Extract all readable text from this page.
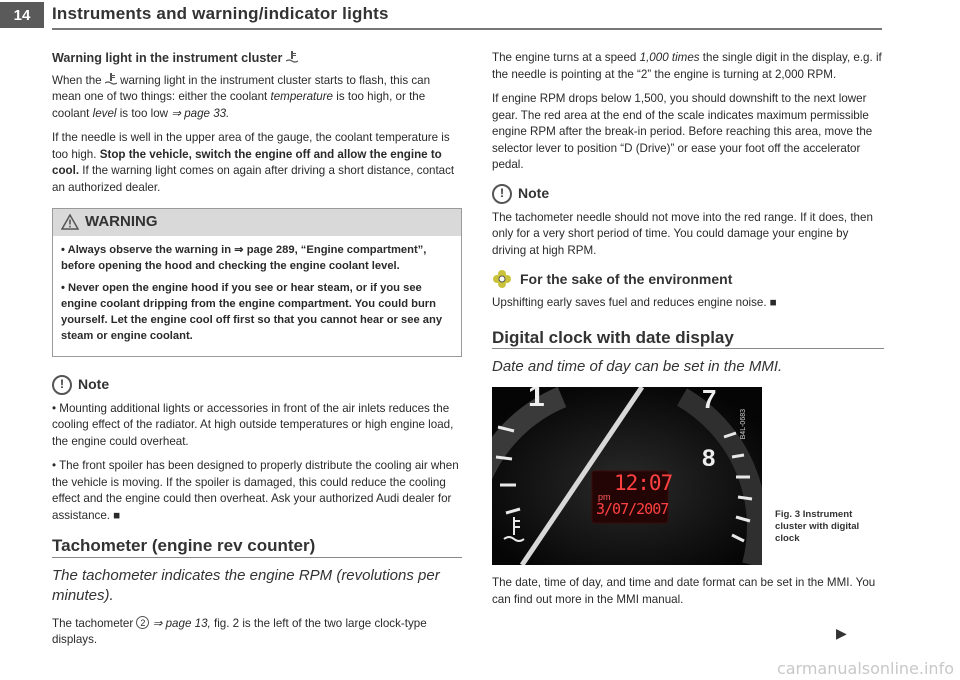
14	Instruments and warning/indicator lights
Warning light in the instrument cluster

When the warning light in the instrument cluster starts to flash, this can mean one of two things: either the coolant temperature is too high, or the coolant level is too low ⇒ page 33.

If the needle is well in the upper area of the gauge, the coolant temperature is too high. Stop the vehicle, switch the engine off and allow the engine to cool. If the warning light comes on again after driving a short distance, contact an authorized dealer.

WARNING

• Always observe the warning in ⇒ page 289, “Engine compartment”, before opening the hood and checking the engine coolant level.

• Never open the engine hood if you see or hear steam, or if you see engine coolant dripping from the engine compartment. You could burn yourself. Let the engine cool off first so that you cannot hear or see any steam or engine coolant.

!	Note

• Mounting additional lights or accessories in front of the air inlets reduces the cooling effect of the radiator. At high outside temperatures or high engine load, the engine could overheat.

• The front spoiler has been designed to properly distribute the cooling air when the vehicle is moving. If the spoiler is damaged, this could reduce the cooling effect and the engine could then overheat. Ask your authorized Audi dealer for assistance. ■

Tachometer (engine rev counter)
The tachometer indicates the engine RPM (revolutions per minutes).

The tachometer 2 ⇒ page 13, fig. 2 is the left of the two large clock-type displays.

The engine turns at a speed 1,000 times the single digit in the display, e.g. if the needle is pointing at the “2” the engine is turning at 2,000 RPM.

If engine RPM drops below 1,500, you should downshift to the next lower gear. The red area at the end of the scale indicates maximum permissible engine RPM after the break-in period. Before reaching this area, move the selector lever to position “D (Drive)” or ease your foot off the accelerator pedal.

!	Note

The tachometer needle should not move into the red range. If it does, then only for a very short period of time. You could damage your engine by driving at high RPM.

For the sake of the environment

Upshifting early saves fuel and reduces engine noise. ■

Digital clock with date display
Date and time of day can be set in the MMI.
1	7
8
pm
12:07
3/07/2007
B4L-0683
Fig. 3 Instrument cluster with digital clock

The date, time of day, and time and date format can be set in the MMI. You can find out more in the MMI manual.

▶
carmanualsonline.info
